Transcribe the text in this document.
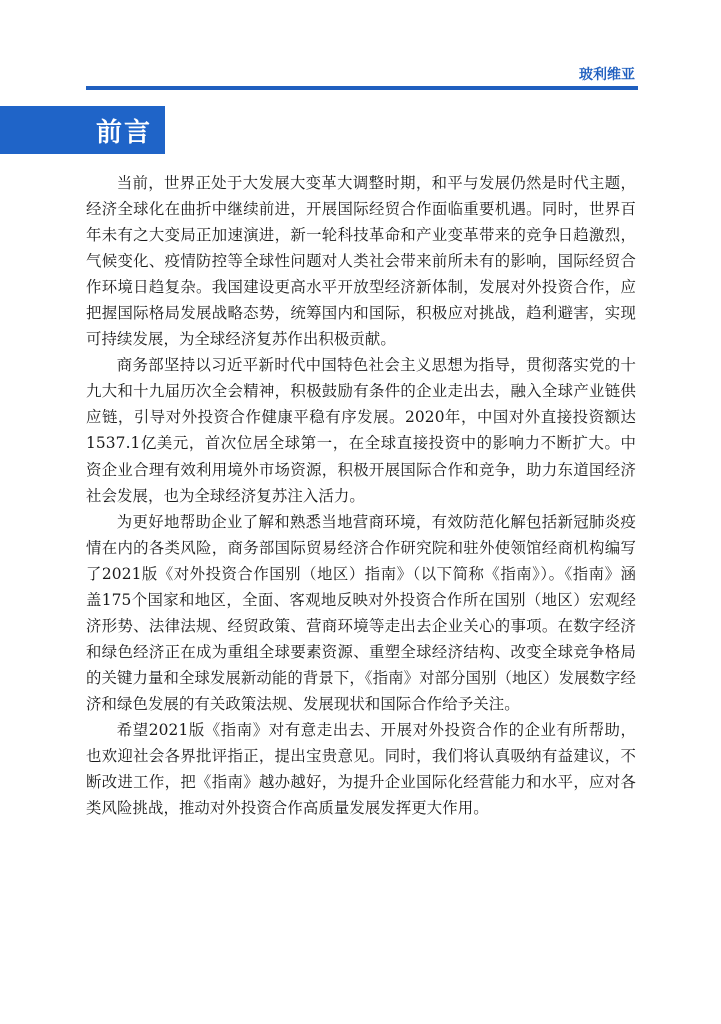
玻利维亚
前言

当前，世界正处于大发展大变革大调整时期，和平与发展仍然是时代主题，经济全球化在曲折中继续前进，开展国际经贸合作面临重要机遇。同时，世界百年未有之大变局正加速演进，新一轮科技革命和产业变革带来的竞争日趋激烈，气候变化、疫情防控等全球性问题对人类社会带来前所未有的影响，国际经贸合作环境日趋复杂。我国建设更高水平开放型经济新体制，发展对外投资合作，应把握国际格局发展战略态势，统筹国内和国际，积极应对挑战，趋利避害，实现可持续发展，为全球经济复苏作出积极贡献。

商务部坚持以习近平新时代中国特色社会主义思想为指导，贯彻落实党的十九大和十九届历次全会精神，积极鼓励有条件的企业走出去，融入全球产业链供应链，引导对外投资合作健康平稳有序发展。2020年，中国对外直接投资额达1537.1亿美元，首次位居全球第一，在全球直接投资中的影响力不断扩大。中资企业合理有效利用境外市场资源，积极开展国际合作和竞争，助力东道国经济社会发展，也为全球经济复苏注入活力。

为更好地帮助企业了解和熟悉当地营商环境，有效防范化解包括新冠肺炎疫情在内的各类风险，商务部国际贸易经济合作研究院和驻外使领馆经商机构编写了2021版《对外投资合作国别（地区）指南》（以下简称《指南》）。《指南》涵盖175个国家和地区，全面、客观地反映对外投资合作所在国别（地区）宏观经济形势、法律法规、经贸政策、营商环境等走出去企业关心的事项。在数字经济和绿色经济正在成为重组全球要素资源、重塑全球经济结构、改变全球竞争格局的关键力量和全球发展新动能的背景下，《指南》对部分国别（地区）发展数字经济和绿色发展的有关政策法规、发展现状和国际合作给予关注。

希望2021版《指南》对有意走出去、开展对外投资合作的企业有所帮助，也欢迎社会各界批评指正，提出宝贵意见。同时，我们将认真吸纳有益建议，不断改进工作，把《指南》越办越好，为提升企业国际化经营能力和水平，应对各类风险挑战，推动对外投资合作高质量发展发挥更大作用。
